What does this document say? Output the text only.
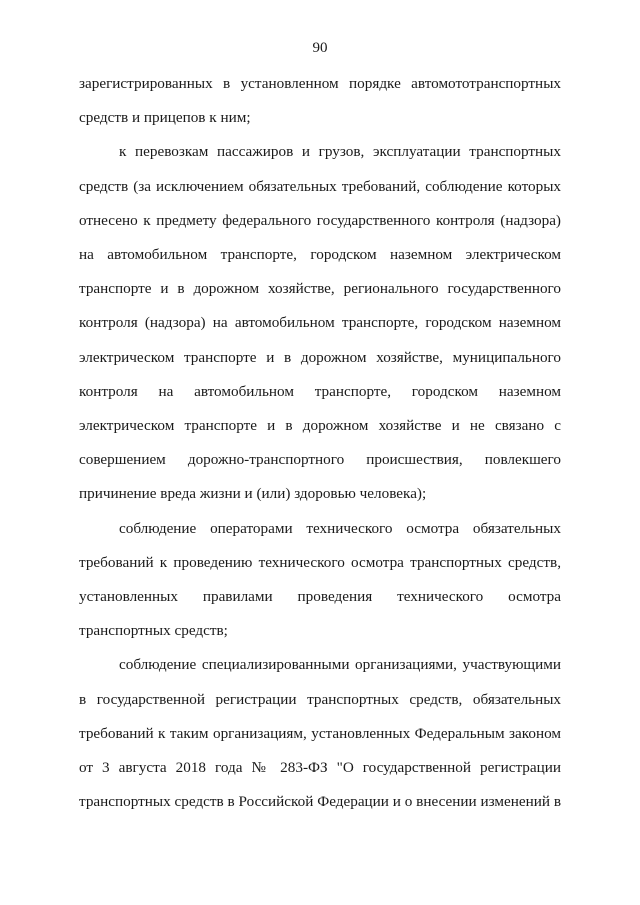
90

зарегистрированных в установленном порядке автомототранспортных средств и прицепов к ним;

к перевозкам пассажиров и грузов, эксплуатации транспортных средств (за исключением обязательных требований, соблюдение которых отнесено к предмету федерального государственного контроля (надзора) на автомобильном транспорте, городском наземном электрическом транспорте и в дорожном хозяйстве, регионального государственного контроля (надзора) на автомобильном транспорте, городском наземном электрическом транспорте и в дорожном хозяйстве, муниципального контроля на автомобильном транспорте, городском наземном электрическом транспорте и в дорожном хозяйстве и не связано с совершением дорожно-транспортного происшествия, повлекшего причинение вреда жизни и (или) здоровью человека);

соблюдение операторами технического осмотра обязательных требований к проведению технического осмотра транспортных средств, установленных правилами проведения технического осмотра транспортных средств;

соблюдение специализированными организациями, участвующими в государственной регистрации транспортных средств, обязательных требований к таким организациям, установленных Федеральным законом от 3 августа 2018 года № 283-ФЗ "О государственной регистрации транспортных средств в Российской Федерации и о внесении изменений в
